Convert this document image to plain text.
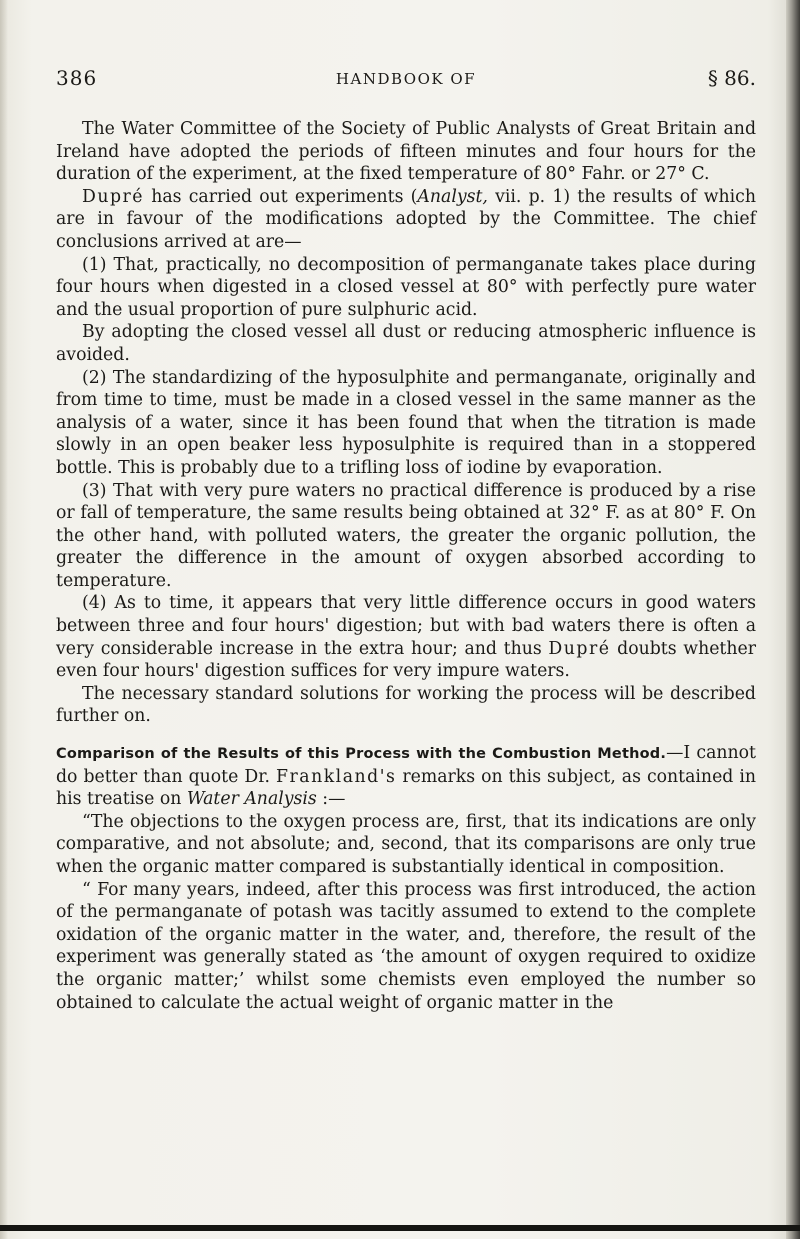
386	HANDBOOK OF	§ 86.

The Water Committee of the Society of Public Analysts of Great Britain and Ireland have adopted the periods of fifteen minutes and four hours for the duration of the experiment, at the fixed temperature of 80° Fahr. or 27° C.

Dupré has carried out experiments (Analyst, vii. p. 1) the results of which are in favour of the modifications adopted by the Committee. The chief conclusions arrived at are—

(1) That, practically, no decomposition of permanganate takes place during four hours when digested in a closed vessel at 80° with perfectly pure water and the usual proportion of pure sulphuric acid.

By adopting the closed vessel all dust or reducing atmospheric influence is avoided.

(2) The standardizing of the hyposulphite and permanganate, originally and from time to time, must be made in a closed vessel in the same manner as the analysis of a water, since it has been found that when the titration is made slowly in an open beaker less hyposulphite is required than in a stoppered bottle. This is probably due to a trifling loss of iodine by evaporation.

(3) That with very pure waters no practical difference is produced by a rise or fall of temperature, the same results being obtained at 32° F. as at 80° F. On the other hand, with polluted waters, the greater the organic pollution, the greater the difference in the amount of oxygen absorbed according to temperature.

(4) As to time, it appears that very little difference occurs in good waters between three and four hours' digestion; but with bad waters there is often a very considerable increase in the extra hour; and thus Dupré doubts whether even four hours' digestion suffices for very impure waters.

The necessary standard solutions for working the process will be described further on.

Comparison of the Results of this Process with the Combustion Method.—I cannot do better than quote Dr. Frankland's remarks on this subject, as contained in his treatise on Water Analysis :—

“The objections to the oxygen process are, first, that its indications are only comparative, and not absolute; and, second, that its comparisons are only true when the organic matter compared is substantially identical in composition.

“ For many years, indeed, after this process was first introduced, the action of the permanganate of potash was tacitly assumed to extend to the complete oxidation of the organic matter in the water, and, therefore, the result of the experiment was generally stated as ‘the amount of oxygen required to oxidize the organic matter;’ whilst some chemists even employed the number so obtained to calculate the actual weight of organic matter in the
